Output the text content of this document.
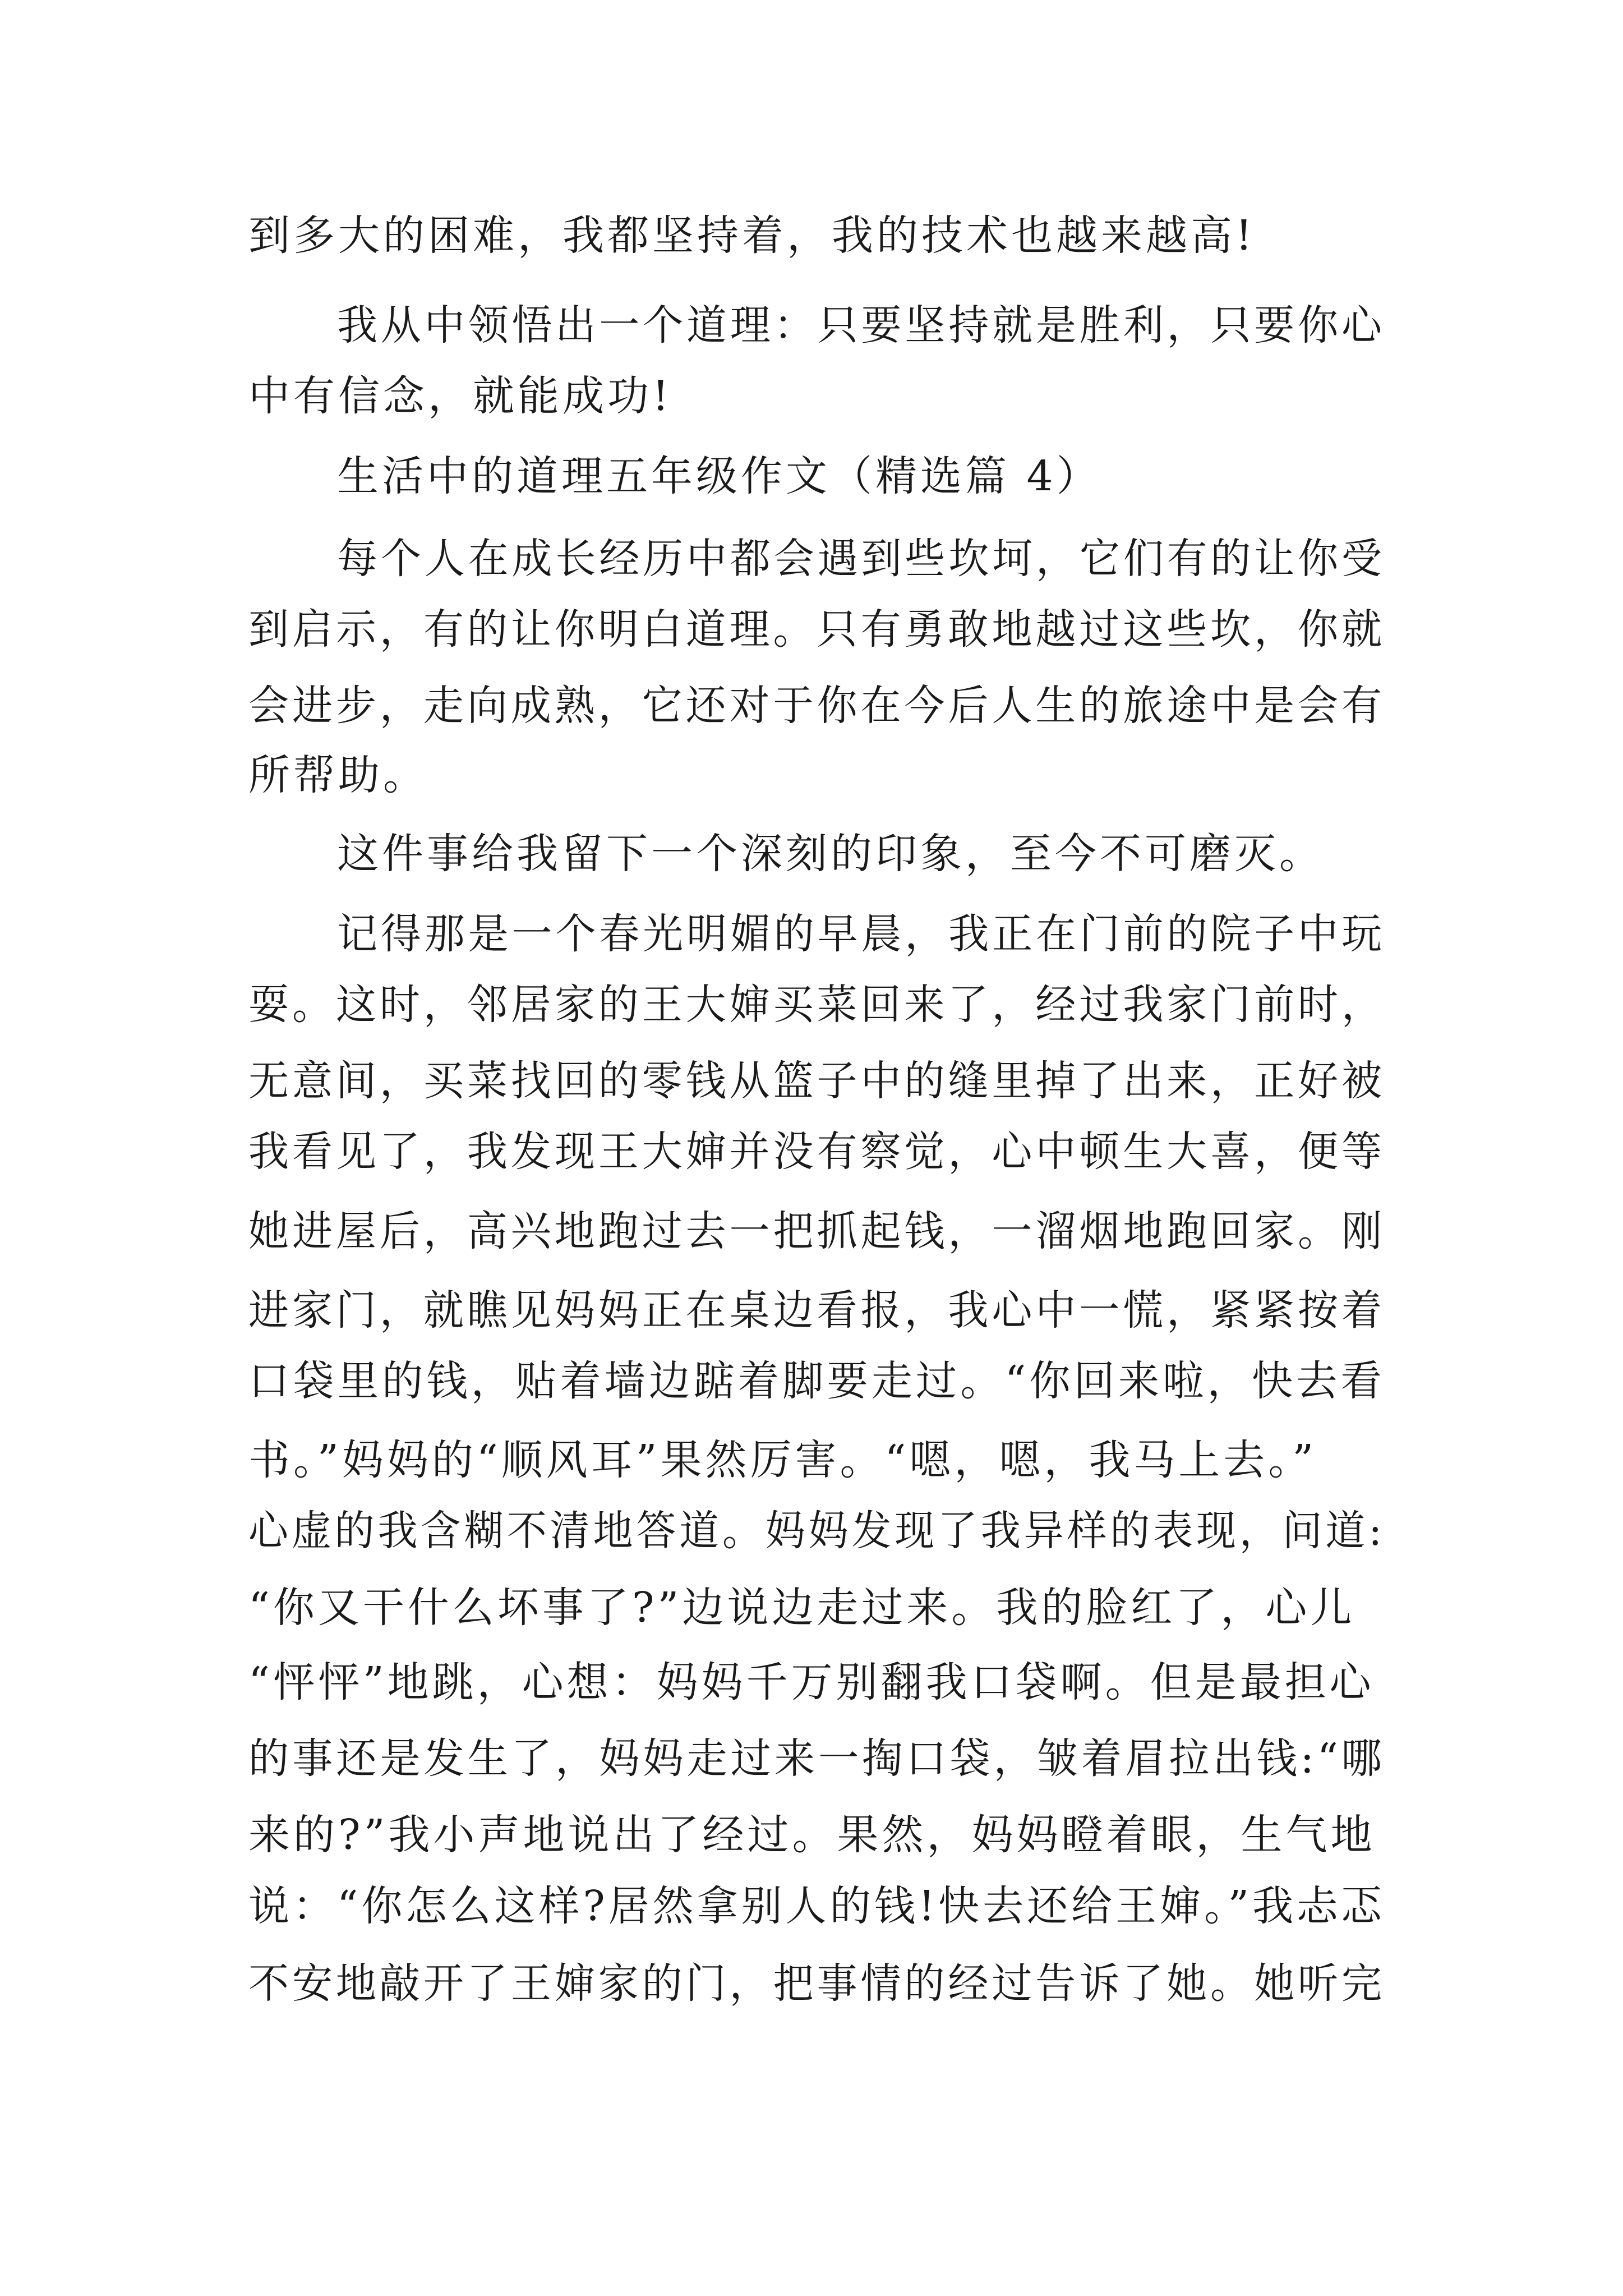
到多大的困难，我都坚持着，我的技术也越来越高!

我从中领悟出一个道理：只要坚持就是胜利，只要你心

中有信念，就能成功!

生活中的道理五年级作文（精选篇 4）

每个人在成长经历中都会遇到些坎坷，它们有的让你受

到启示，有的让你明白道理。只有勇敢地越过这些坎，你就

会进步，走向成熟，它还对于你在今后人生的旅途中是会有

所帮助。

这件事给我留下一个深刻的印象，至今不可磨灭。

记得那是一个春光明媚的早晨，我正在门前的院子中玩

耍。这时，邻居家的王大婶买菜回来了，经过我家门前时，

无意间，买菜找回的零钱从篮子中的缝里掉了出来，正好被

我看见了，我发现王大婶并没有察觉，心中顿生大喜，便等

她进屋后，高兴地跑过去一把抓起钱，一溜烟地跑回家。刚

进家门，就瞧见妈妈正在桌边看报，我心中一慌，紧紧按着

口袋里的钱，贴着墙边踮着脚要走过。“你回来啦，快去看

书。”妈妈的“顺风耳”果然厉害。“嗯，嗯，我马上去。”

心虚的我含糊不清地答道。妈妈发现了我异样的表现，问道:

“你又干什么坏事了?”边说边走过来。我的脸红了，心儿

“怦怦”地跳，心想：妈妈千万别翻我口袋啊。但是最担心

的事还是发生了，妈妈走过来一掏口袋，皱着眉拉出钱:“哪

来的?”我小声地说出了经过。果然，妈妈瞪着眼，生气地

说：“你怎么这样?居然拿别人的钱!快去还给王婶。”我忐忑

不安地敲开了王婶家的门，把事情的经过告诉了她。她听完
